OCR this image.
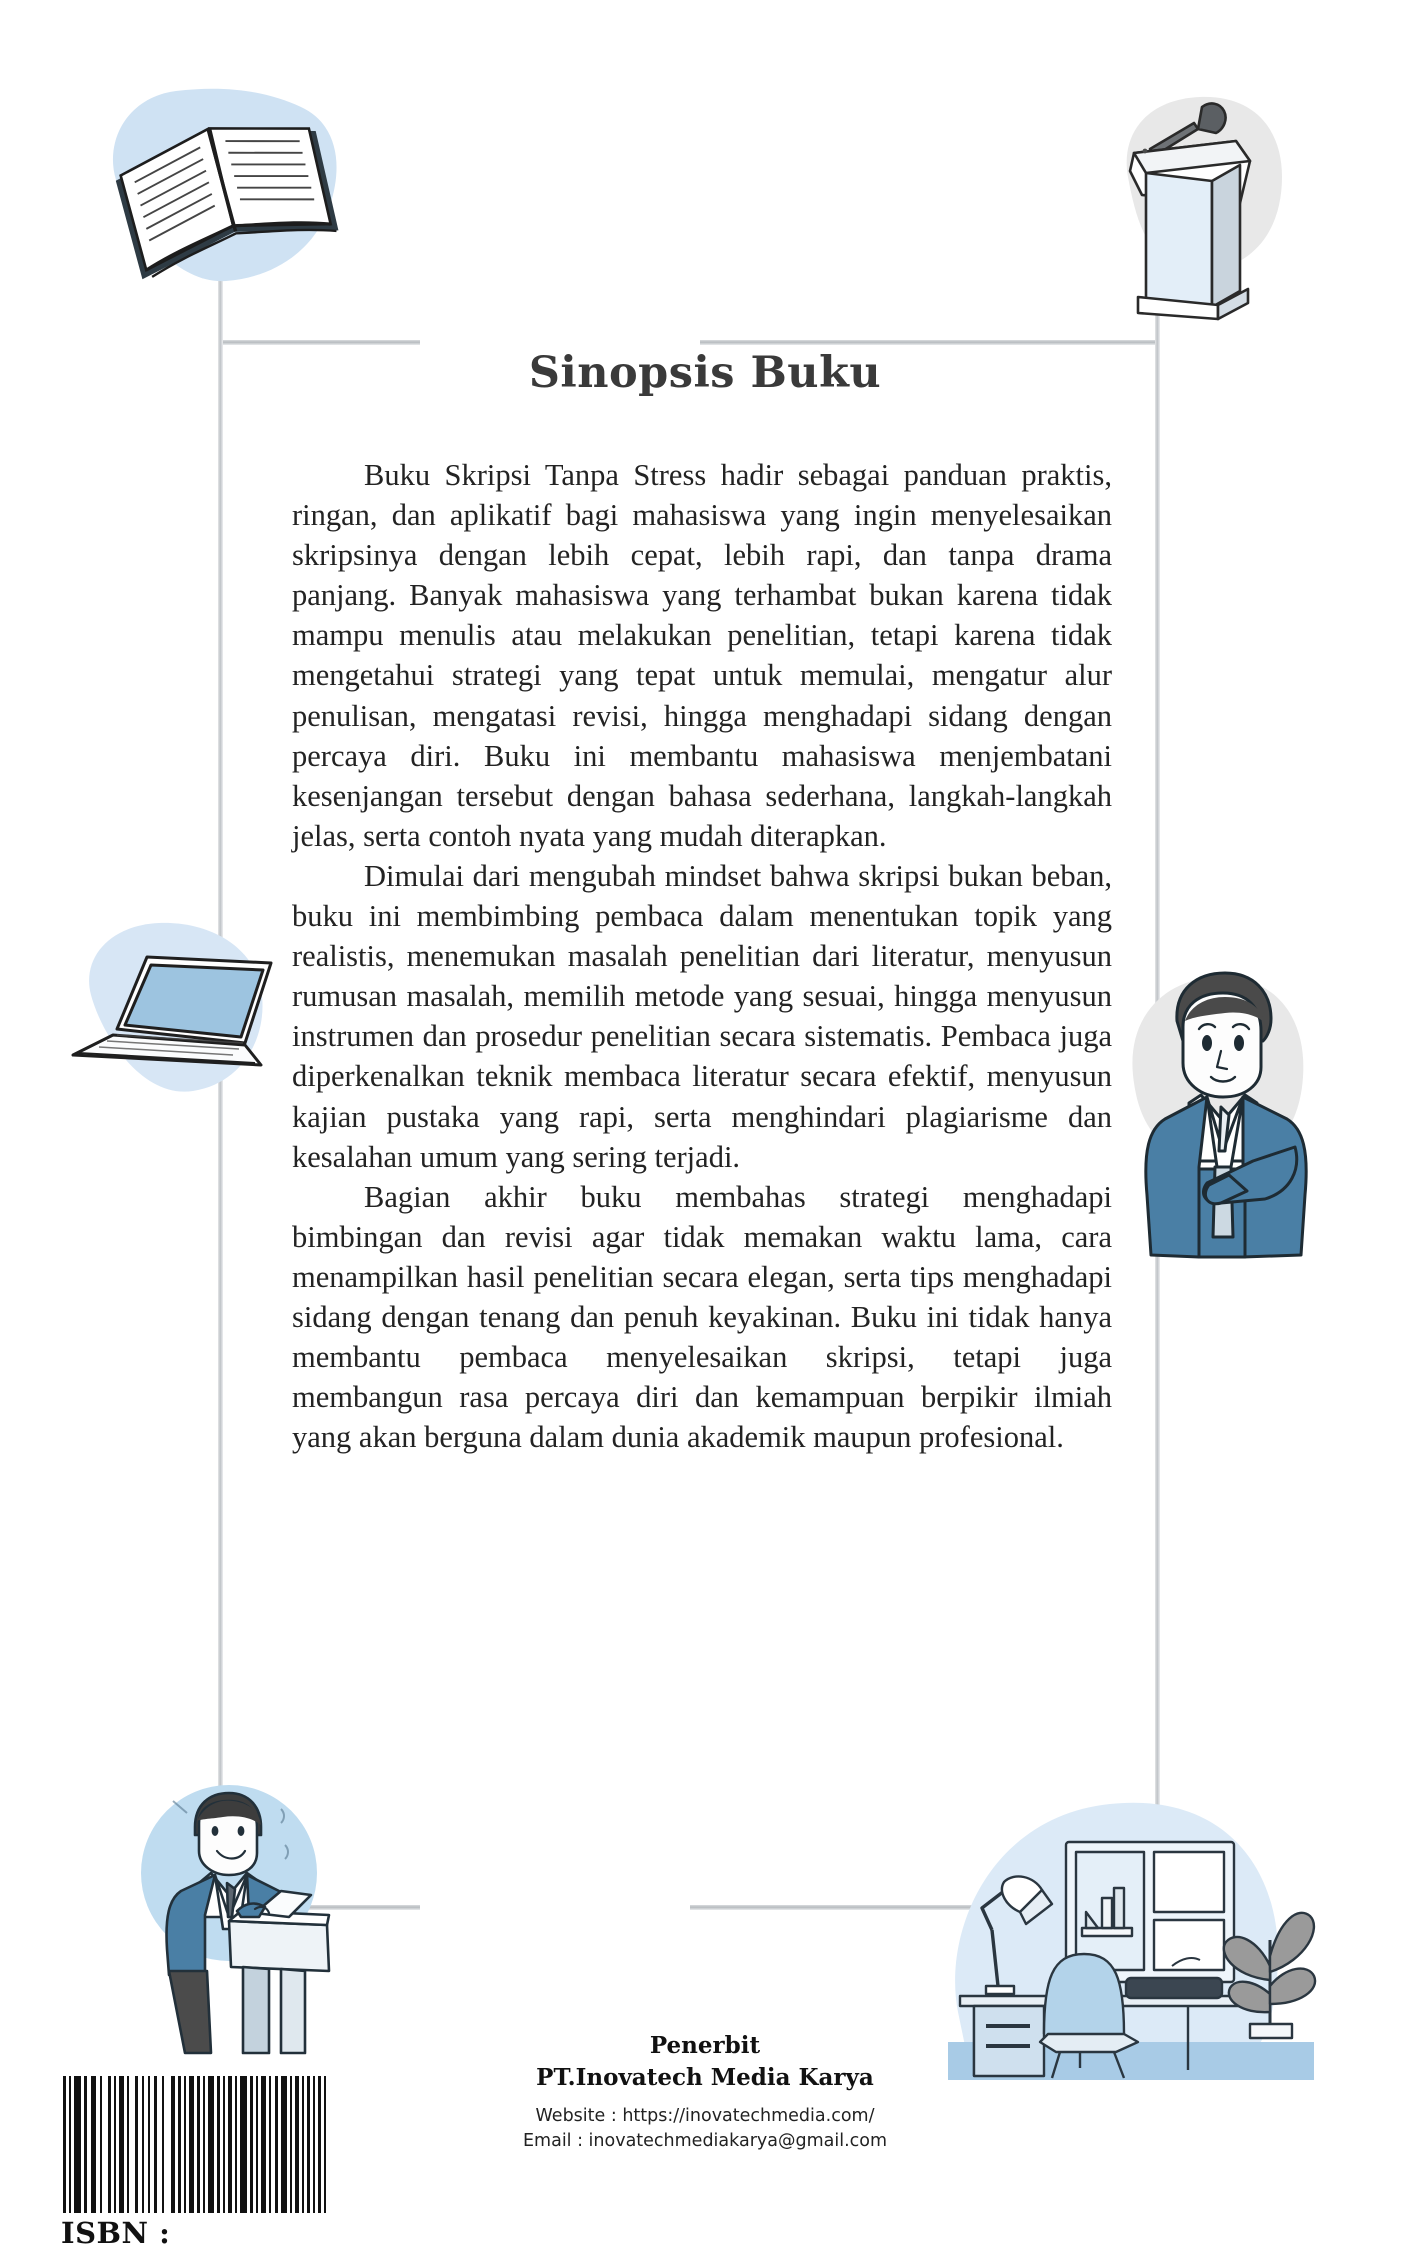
Sinopsis Buku

Buku Skripsi Tanpa Stress hadir sebagai panduan praktis, ringan, dan aplikatif bagi mahasiswa yang ingin menyelesaikan skripsinya dengan lebih cepat, lebih rapi, dan tanpa drama panjang. Banyak mahasiswa yang terhambat bukan karena tidak mampu menulis atau melakukan penelitian, tetapi karena tidak mengetahui strategi yang tepat untuk memulai, mengatur alur penulisan, mengatasi revisi, hingga menghadapi sidang dengan percaya diri. Buku ini membantu mahasiswa menjembatani kesenjangan tersebut dengan bahasa sederhana, langkah-langkah jelas, serta contoh nyata yang mudah diterapkan.

Dimulai dari mengubah mindset bahwa skripsi bukan beban, buku ini membimbing pembaca dalam menentukan topik yang realistis, menemukan masalah penelitian dari literatur, menyusun rumusan masalah, memilih metode yang sesuai, hingga menyusun instrumen dan prosedur penelitian secara sistematis. Pembaca juga diperkenalkan teknik membaca literatur secara efektif, menyusun kajian pustaka yang rapi, serta menghindari plagiarisme dan kesalahan umum yang sering terjadi.

Bagian akhir buku membahas strategi menghadapi bimbingan dan revisi agar tidak memakan waktu lama, cara menampilkan hasil penelitian secara elegan, serta tips menghadapi sidang dengan tenang dan penuh keyakinan. Buku ini tidak hanya membantu pembaca menyelesaikan skripsi, tetapi juga membangun rasa percaya diri dan kemampuan berpikir ilmiah yang akan berguna dalam dunia akademik maupun profesional.

Penerbit
PT.Inovatech Media Karya
Website : https://inovatechmedia.com/
Email : inovatechmediakarya@gmail.com
ISBN :
